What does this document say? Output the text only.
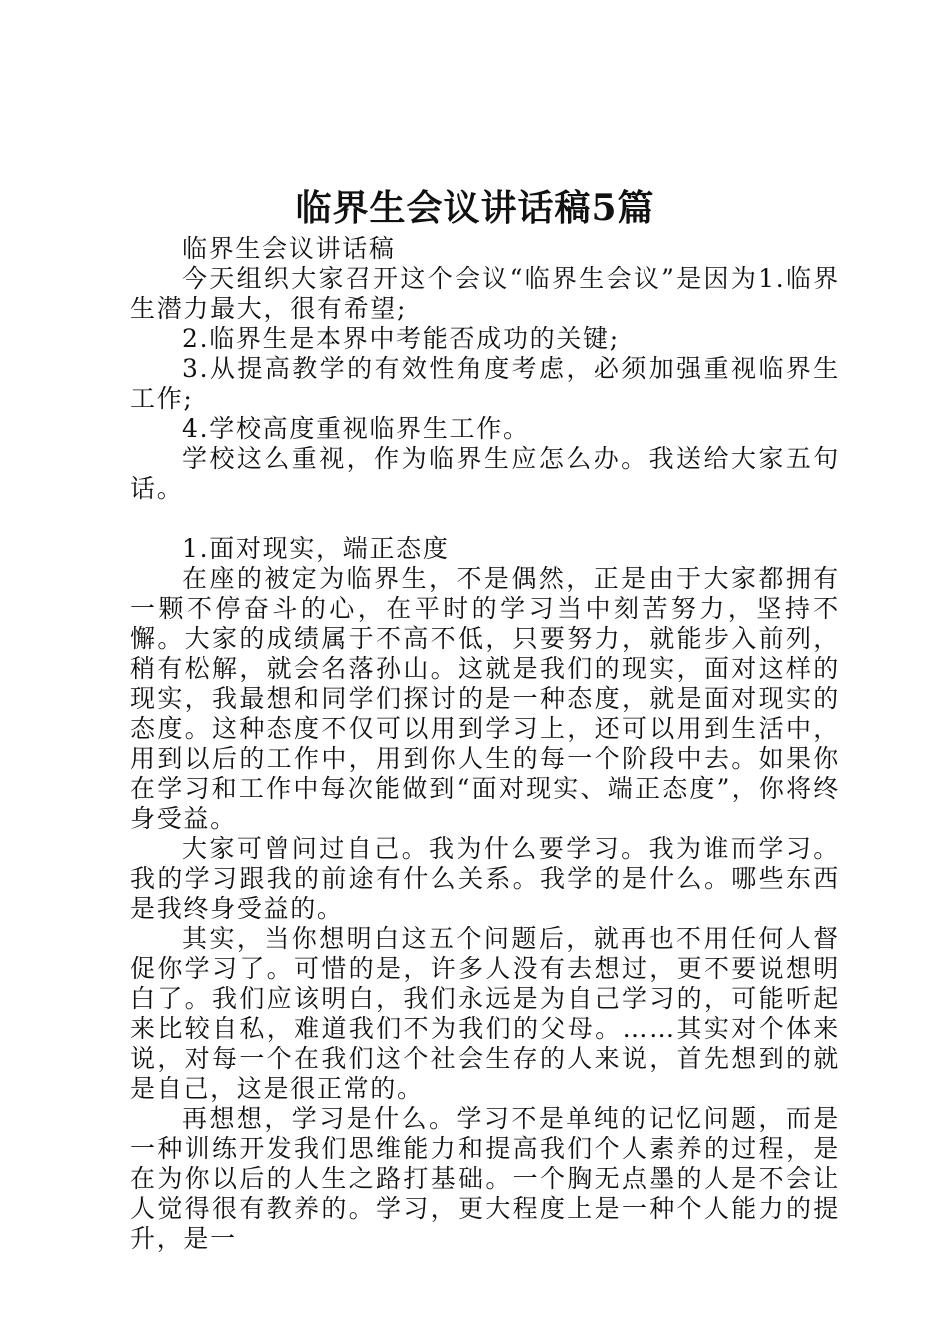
临界生会议讲话稿5篇

临界生会议讲话稿

今天组织大家召开这个会议“临界生会议”是因为1.临界生潜力最大，很有希望;

2.临界生是本界中考能否成功的关键;

3.从提高教学的有效性角度考虑，必须加强重视临界生工作;

4.学校高度重视临界生工作。

学校这么重视，作为临界生应怎么办。我送给大家五句话。

1.面对现实，端正态度

在座的被定为临界生，不是偶然，正是由于大家都拥有一颗不停奋斗的心，在平时的学习当中刻苦努力，坚持不懈。大家的成绩属于不高不低，只要努力，就能步入前列，稍有松解，就会名落孙山。这就是我们的现实，面对这样的现实，我最想和同学们探讨的是一种态度，就是面对现实的态度。这种态度不仅可以用到学习上，还可以用到生活中，用到以后的工作中，用到你人生的每一个阶段中去。如果你在学习和工作中每次能做到“面对现实、端正态度”，你将终身受益。

大家可曾问过自己。我为什么要学习。我为谁而学习。我的学习跟我的前途有什么关系。我学的是什么。哪些东西是我终身受益的。

其实，当你想明白这五个问题后，就再也不用任何人督促你学习了。可惜的是，许多人没有去想过，更不要说想明白了。我们应该明白，我们永远是为自己学习的，可能听起来比较自私，难道我们不为我们的父母。……其实对个体来说，对每一个在我们这个社会生存的人来说，首先想到的就是自己，这是很正常的。

再想想，学习是什么。学习不是单纯的记忆问题，而是一种训练开发我们思维能力和提高我们个人素养的过程，是在为你以后的人生之路打基础。一个胸无点墨的人是不会让人觉得很有教养的。学习，更大程度上是一种个人能力的提升，是一
